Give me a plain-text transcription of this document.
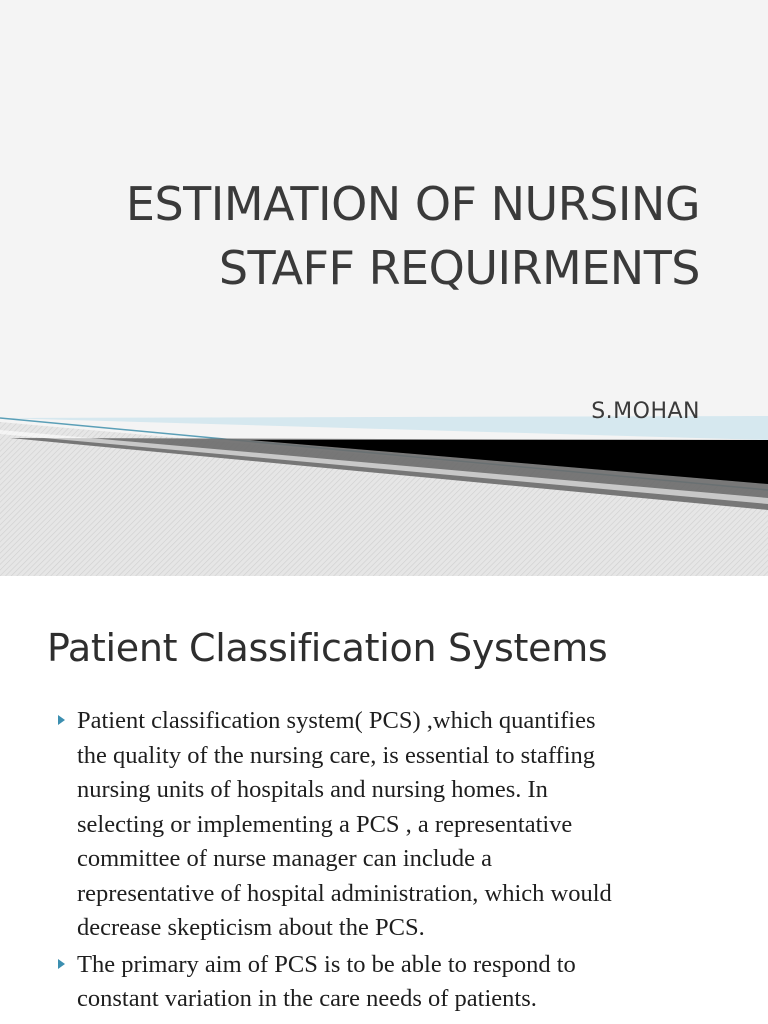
ESTIMATION OF NURSING
STAFF REQUIRMENTS
S.MOHAN
Patient Classification Systems
Patient classification system( PCS) ,which quantifies
the quality of the nursing care, is essential to staffing
nursing units of hospitals and nursing homes. In
selecting or implementing a PCS , a representative
committee of nurse manager can include a
representative of hospital administration, which would
decrease skepticism about the PCS.
The primary aim of PCS is to be able to respond to
constant variation in the care needs of patients.
